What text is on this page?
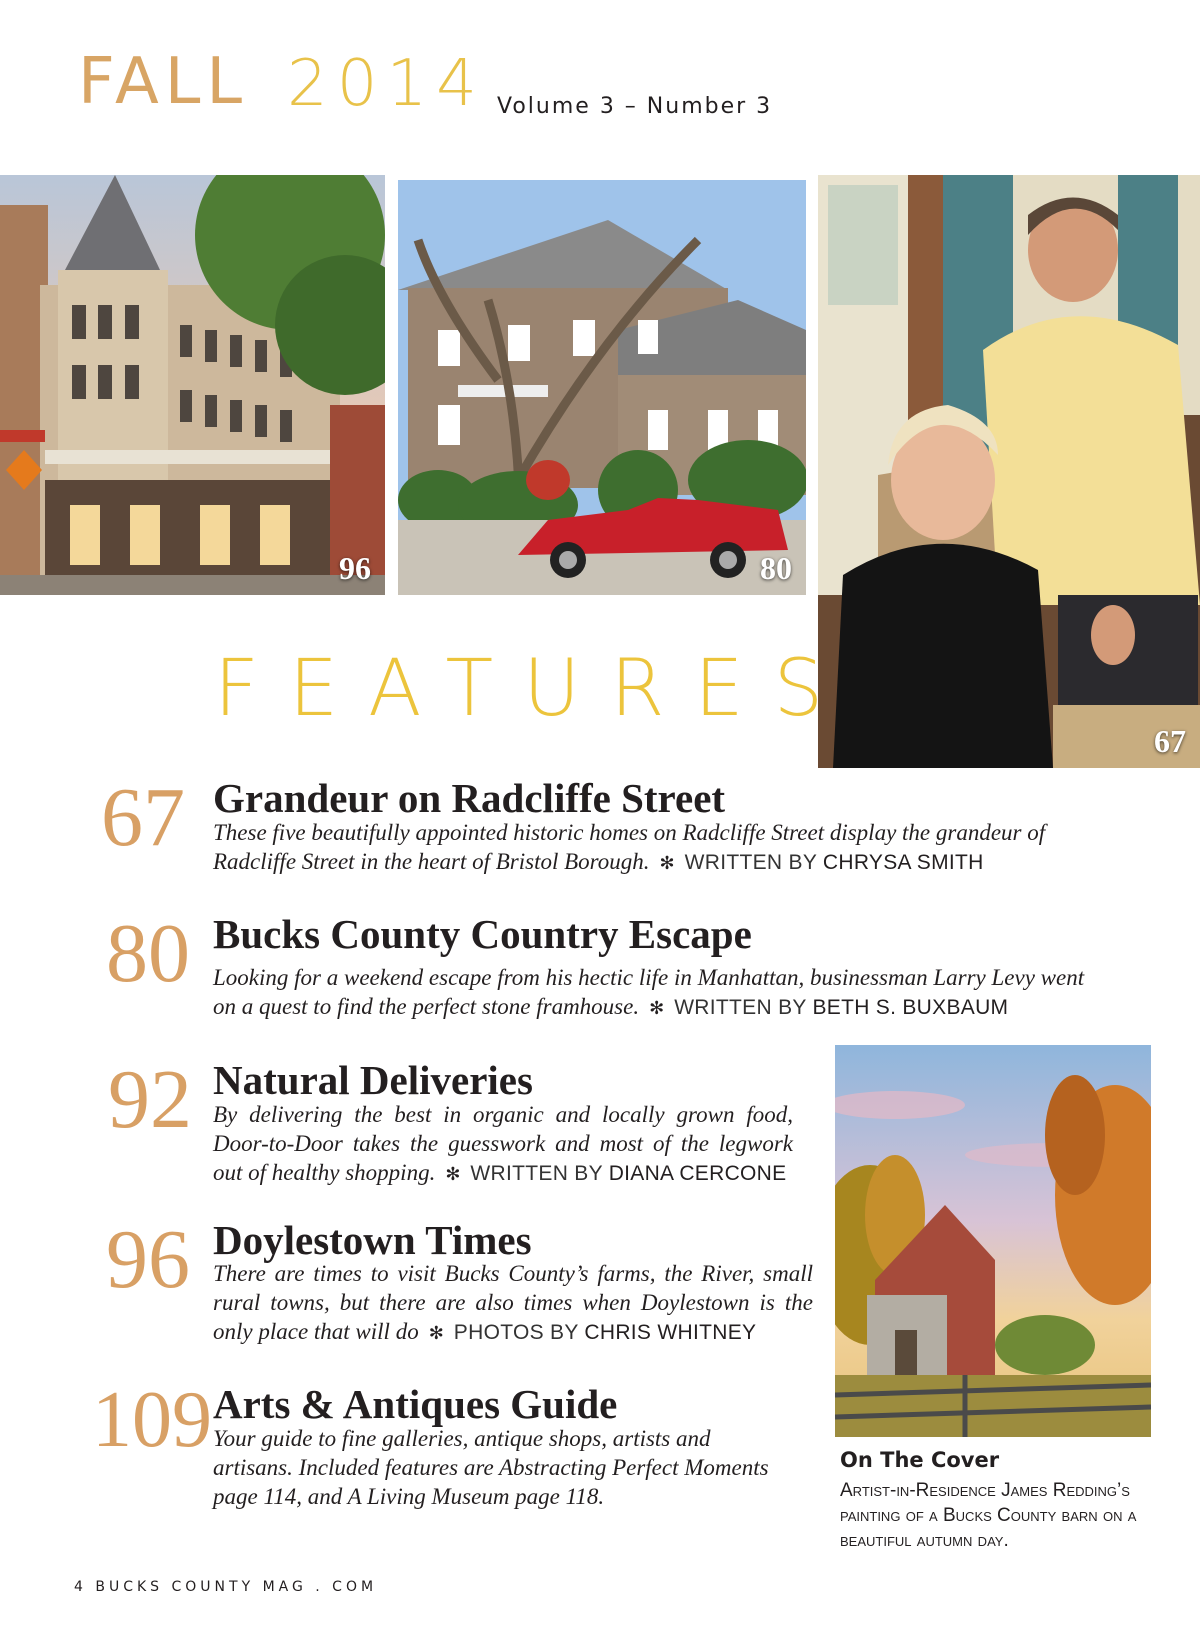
FALL 2014 Volume 3 – Number 3
96	80
67
FEATURES
67 Grandeur on Radcliffe Street
These five beautifully appointed historic homes on Radcliffe Street display the grandeur of Radcliffe Street in the heart of Bristol Borough. ✻ WRITTEN BY CHRYSA SMITH
80 Bucks County Country Escape
Looking for a weekend escape from his hectic life in Manhattan, businessman Larry Levy went on a quest to find the perfect stone framhouse. ✻ WRITTEN BY BETH S. BUXBAUM
92 Natural Deliveries
By delivering the best in organic and locally grown food, Door-to-Door takes the guesswork and most of the legwork out of healthy shopping. ✻ WRITTEN BY DIANA CERCONE
96 Doylestown Times
There are times to visit Bucks County’s farms, the River, small rural towns, but there are also times when Doylestown is the only place that will do ✻ PHOTOS BY CHRIS WHITNEY
109 Arts & Antiques Guide
Your guide to fine galleries, antique shops, artists and artisans. Included features are Abstracting Perfect Moments page 114, and A Living Museum page 118.
On The Cover
Artist-in-Residence James Redding’s painting of a Bucks County barn on a beautiful autumn day.
4 BUCKS COUNTY MAG . COM
